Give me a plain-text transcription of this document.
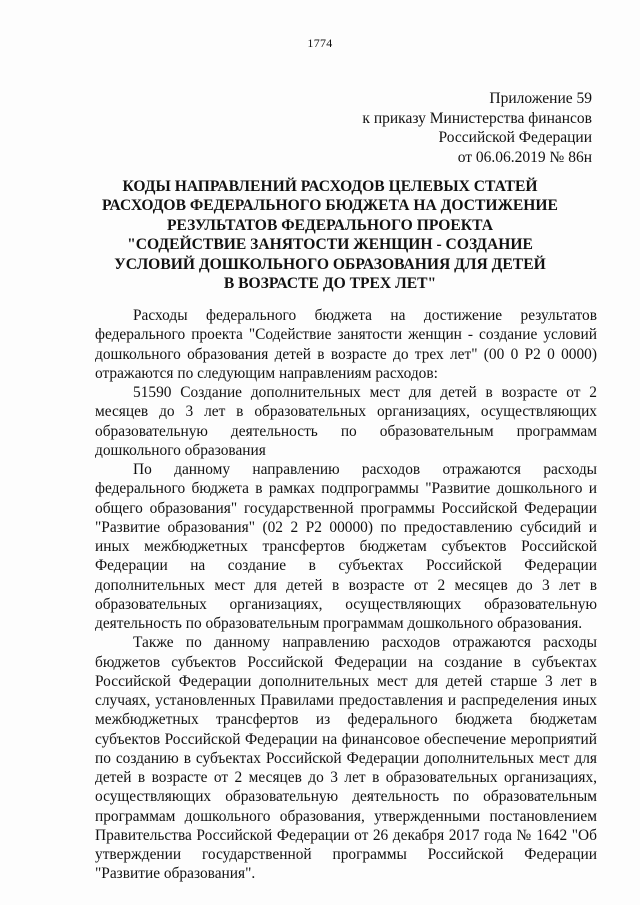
1774
Приложение 59
к приказу Министерства финансов
Российской Федерации
от 06.06.2019 № 86н
КОДЫ НАПРАВЛЕНИЙ РАСХОДОВ ЦЕЛЕВЫХ СТАТЕЙ
РАСХОДОВ ФЕДЕРАЛЬНОГО БЮДЖЕТА НА ДОСТИЖЕНИЕ
РЕЗУЛЬТАТОВ ФЕДЕРАЛЬНОГО ПРОЕКТА
"СОДЕЙСТВИЕ ЗАНЯТОСТИ ЖЕНЩИН - СОЗДАНИЕ
УСЛОВИЙ ДОШКОЛЬНОГО ОБРАЗОВАНИЯ ДЛЯ ДЕТЕЙ
В ВОЗРАСТЕ ДО ТРЕХ ЛЕТ"

Расходы федерального бюджета на достижение результатов федерального проекта "Содействие занятости женщин - создание условий дошкольного образования детей в возрасте до трех лет" (00 0 Р2 0 0000) отражаются по следующим направлениям расходов:

51590 Создание дополнительных мест для детей в возрасте от 2 месяцев до 3 лет в образовательных организациях, осуществляющих образовательную деятельность по образовательным программам дошкольного образования

По данному направлению расходов отражаются расходы федерального бюджета в рамках подпрограммы "Развитие дошкольного и общего образования" государственной программы Российской Федерации "Развитие образования" (02 2 Р2 00000) по предоставлению субсидий и иных межбюджетных трансфертов бюджетам субъектов Российской Федерации на создание в субъектах Российской Федерации дополнительных мест для детей в возрасте от 2 месяцев до 3 лет в образовательных организациях, осуществляющих образовательную деятельность по образовательным программам дошкольного образования.

Также по данному направлению расходов отражаются расходы бюджетов субъектов Российской Федерации на создание в субъектах Российской Федерации дополнительных мест для детей старше 3 лет в случаях, установленных Правилами предоставления и распределения иных межбюджетных трансфертов из федерального бюджета бюджетам субъектов Российской Федерации на финансовое обеспечение мероприятий по созданию в субъектах Российской Федерации дополнительных мест для детей в возрасте от 2 месяцев до 3 лет в образовательных организациях, осуществляющих образовательную деятельность по образовательным программам дошкольного образования, утвержденными постановлением Правительства Российской Федерации от 26 декабря 2017 года № 1642 "Об утверждении государственной программы Российской Федерации "Развитие образования".
